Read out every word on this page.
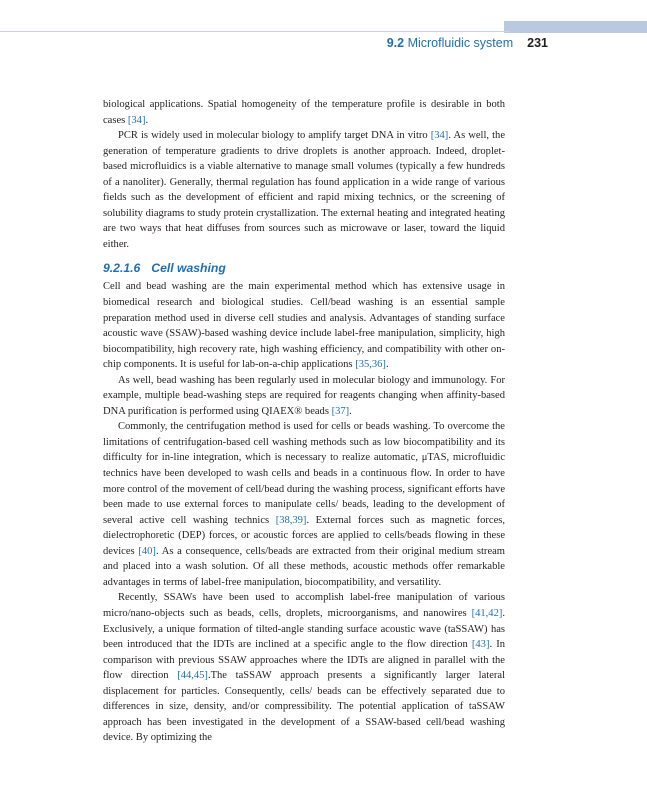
9.2 Microfluidic system 231

biological applications. Spatial homogeneity of the temperature profile is desirable in both cases [34].

PCR is widely used in molecular biology to amplify target DNA in vitro [34]. As well, the generation of temperature gradients to drive droplets is another approach. Indeed, droplet-based microfluidics is a viable alternative to manage small volumes (typically a few hundreds of a nanoliter). Generally, thermal regulation has found application in a wide range of various fields such as the development of efficient and rapid mixing technics, or the screening of solubility diagrams to study protein crystallization. The external heating and integrated heating are two ways that heat diffuses from sources such as microwave or laser, toward the liquid either.

9.2.1.6 Cell washing

Cell and bead washing are the main experimental method which has extensive usage in biomedical research and biological studies. Cell/bead washing is an essential sample preparation method used in diverse cell studies and analysis. Advantages of standing surface acoustic wave (SSAW)-based washing device include label-free manipulation, simplicity, high biocompatibility, high recovery rate, high washing efficiency, and compatibility with other on-chip components. It is useful for lab-on-a-chip applications [35,36].

As well, bead washing has been regularly used in molecular biology and immunology. For example, multiple bead-washing steps are required for reagents changing when affinity-based DNA purification is performed using QIAEX® beads [37].

Commonly, the centrifugation method is used for cells or beads washing. To overcome the limitations of centrifugation-based cell washing methods such as low biocompatibility and its difficulty for in-line integration, which is necessary to realize automatic, μTAS, microfluidic technics have been developed to wash cells and beads in a continuous flow. In order to have more control of the movement of cell/bead during the washing process, significant efforts have been made to use external forces to manipulate cells/ beads, leading to the development of several active cell washing technics [38,39]. External forces such as magnetic forces, dielectrophoretic (DEP) forces, or acoustic forces are applied to cells/beads flowing in these devices [40]. As a consequence, cells/beads are extracted from their original medium stream and placed into a wash solution. Of all these methods, acoustic methods offer remarkable advantages in terms of label-free manipulation, biocompatibility, and versatility.

Recently, SSAWs have been used to accomplish label-free manipulation of various micro/nano-objects such as beads, cells, droplets, microorganisms, and nanowires [41,42]. Exclusively, a unique formation of tilted-angle standing surface acoustic wave (taSSAW) has been introduced that the IDTs are inclined at a specific angle to the flow direction [43]. In comparison with previous SSAW approaches where the IDTs are aligned in parallel with the flow direction [44,45].The taSSAW approach presents a significantly larger lateral displacement for particles. Consequently, cells/ beads can be effectively separated due to differences in size, density, and/or compressibility. The potential application of taSSAW approach has been investigated in the development of a SSAW-based cell/bead washing device. By optimizing the
